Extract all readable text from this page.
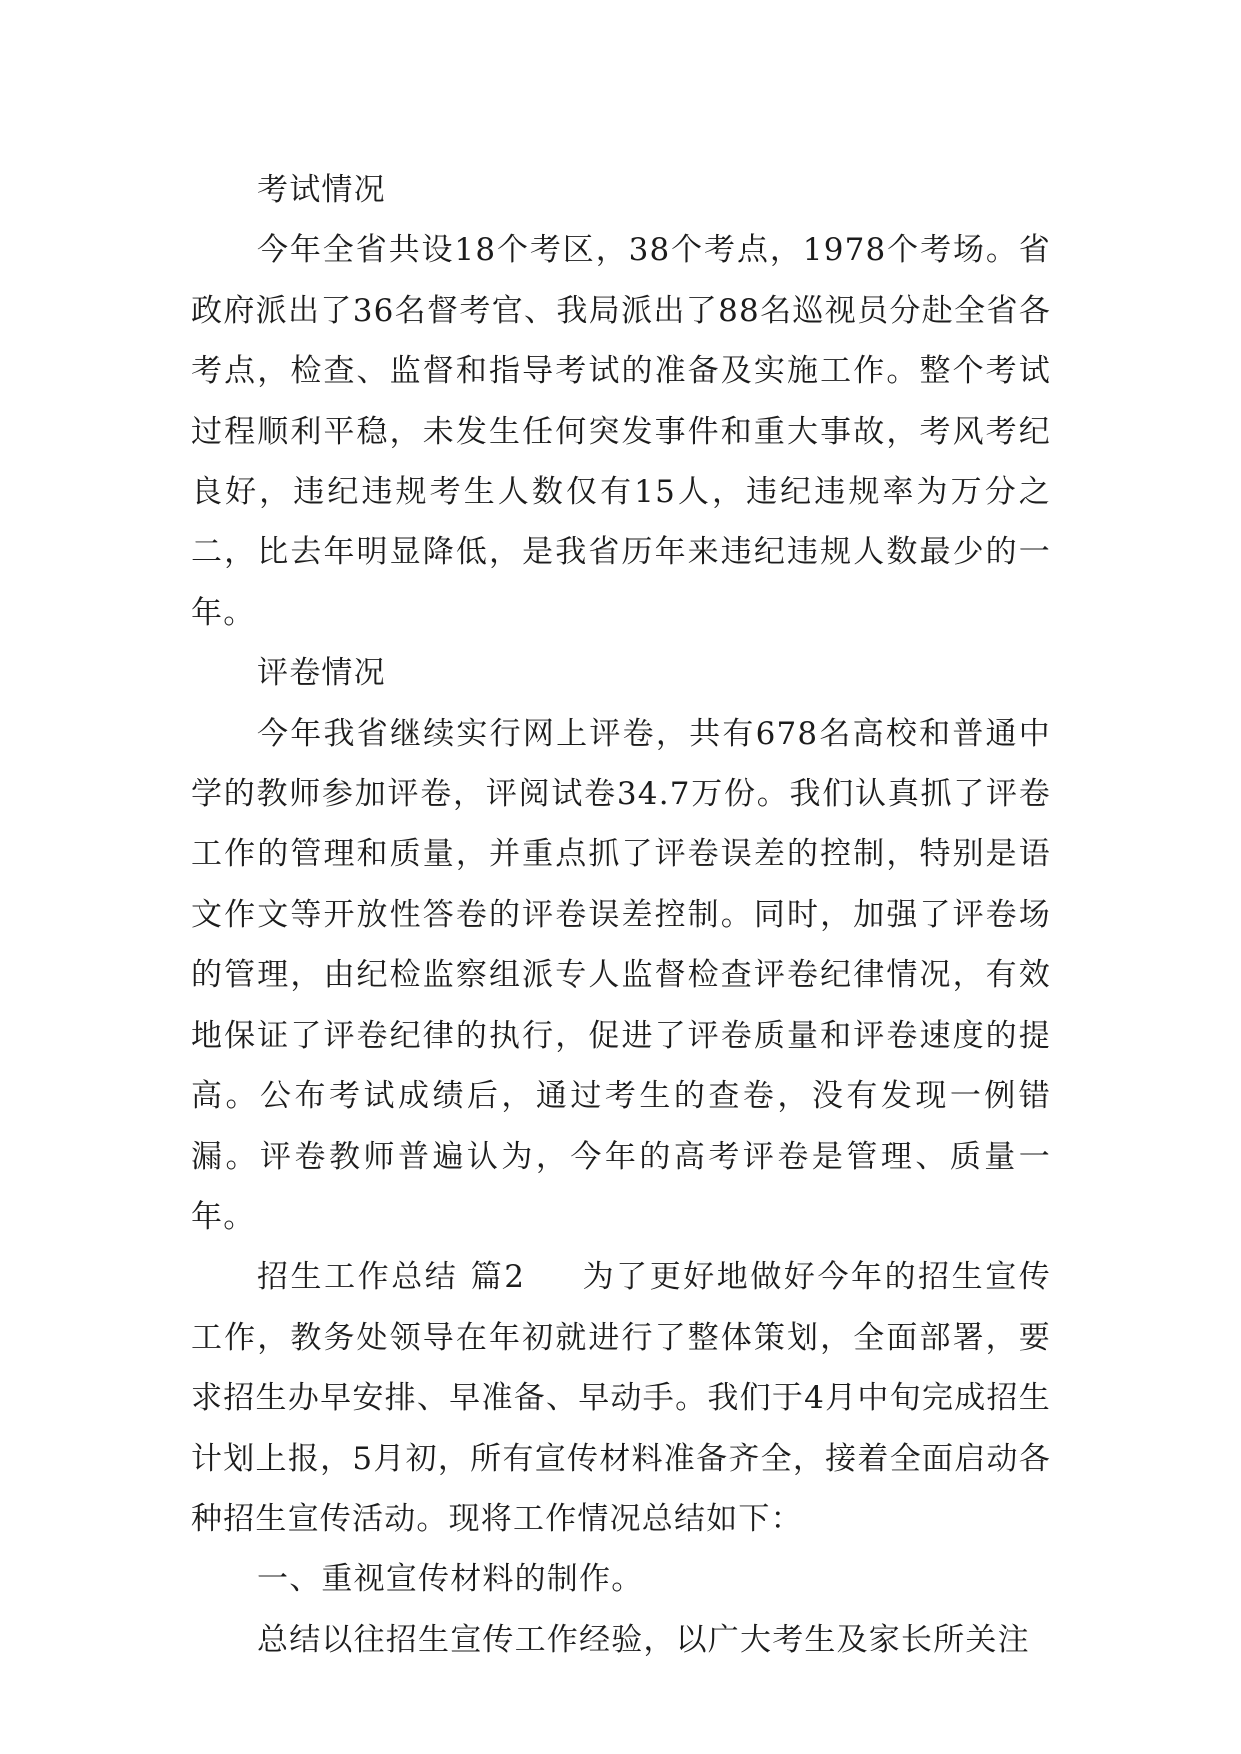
考试情况

今年全省共设18个考区，38个考点，1978个考场。省政府派出了36名督考官、我局派出了88名巡视员分赴全省各考点，检查、监督和指导考试的准备及实施工作。整个考试过程顺利平稳，未发生任何突发事件和重大事故，考风考纪良好，违纪违规考生人数仅有15人，违纪违规率为万分之二，比去年明显降低，是我省历年来违纪违规人数最少的一年。

评卷情况

今年我省继续实行网上评卷，共有678名高校和普通中学的教师参加评卷，评阅试卷34.7万份。我们认真抓了评卷工作的管理和质量，并重点抓了评卷误差的控制，特别是语文作文等开放性答卷的评卷误差控制。同时，加强了评卷场的管理，由纪检监察组派专人监督检查评卷纪律情况，有效地保证了评卷纪律的执行，促进了评卷质量和评卷速度的提高。公布考试成绩后，通过考生的查卷，没有发现一例错漏。评卷教师普遍认为，今年的高考评卷是管理、质量一年。

招生工作总结 篇2 为了更好地做好今年的招生宣传工作，教务处领导在年初就进行了整体策划，全面部署，要求招生办早安排、早准备、早动手。我们于4月中旬完成招生计划上报，5月初，所有宣传材料准备齐全，接着全面启动各种招生宣传活动。现将工作情况总结如下：

一、重视宣传材料的制作。

总结以往招生宣传工作经验，以广大考生及家长所关注
